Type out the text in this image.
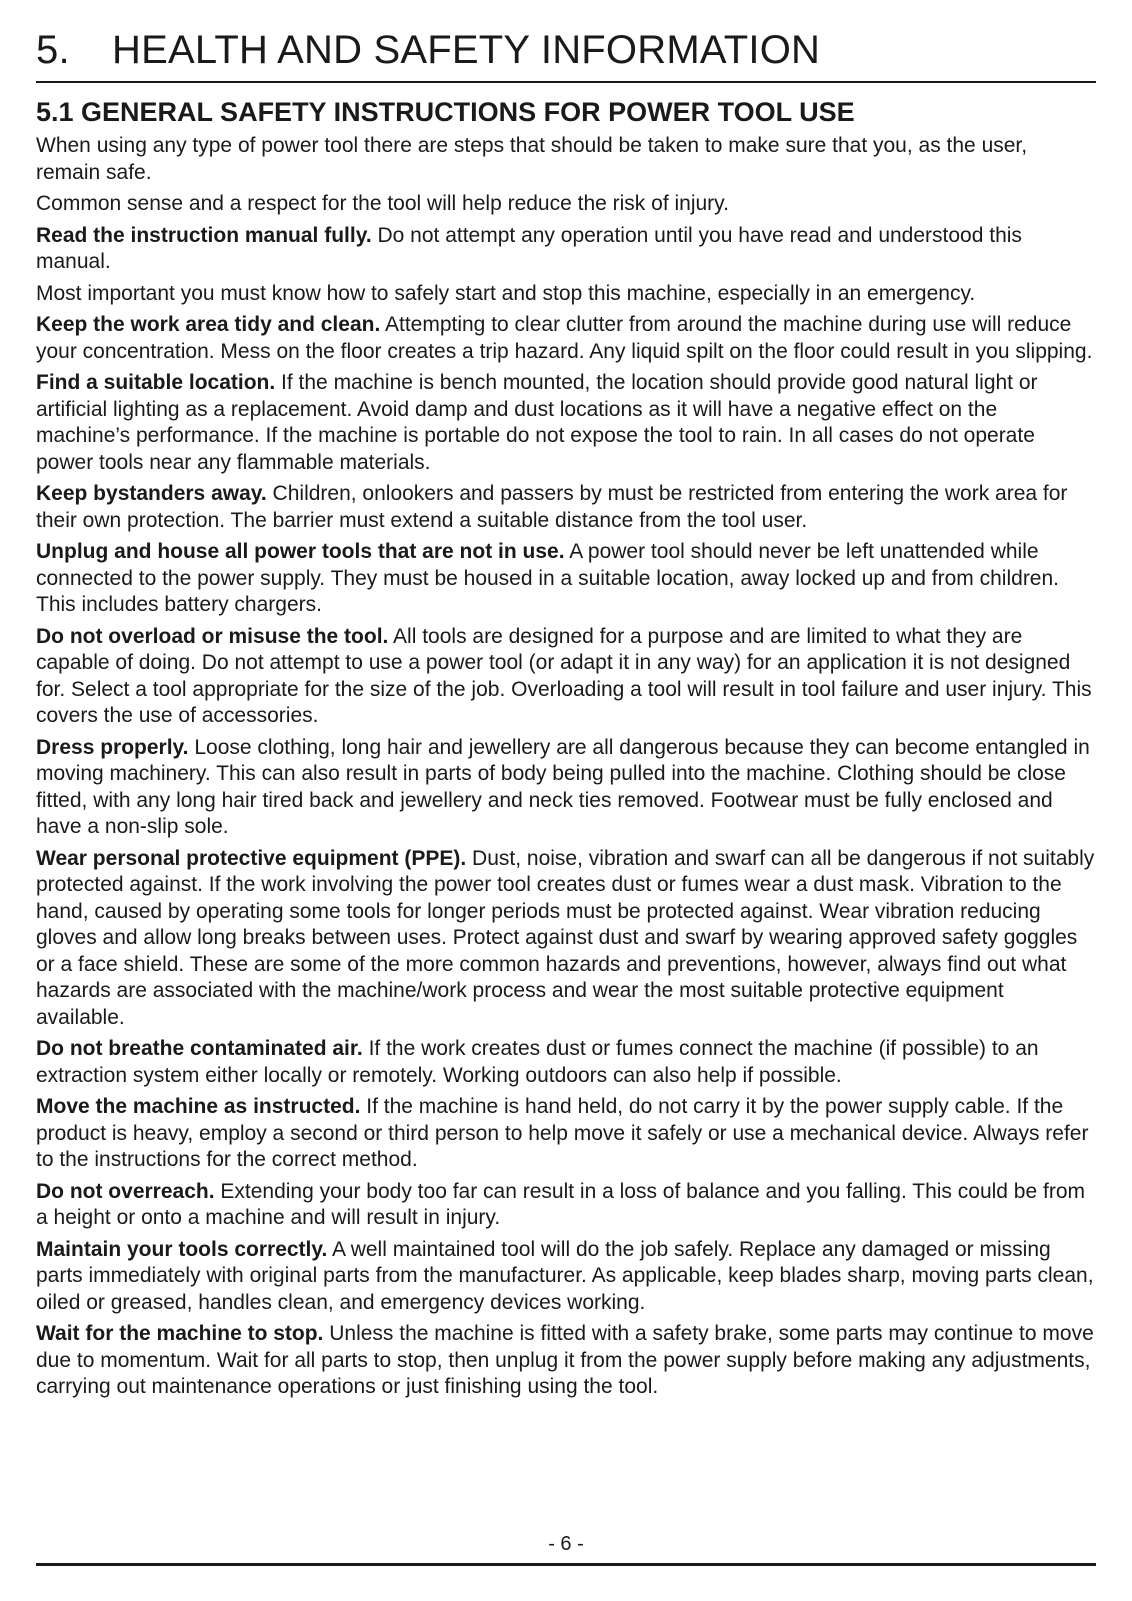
5. HEALTH AND SAFETY INFORMATION
5.1 GENERAL SAFETY INSTRUCTIONS FOR POWER TOOL USE

When using any type of power tool there are steps that should be taken to make sure that you, as the user, remain safe.

Common sense and a respect for the tool will help reduce the risk of injury.

Read the instruction manual fully. Do not attempt any operation until you have read and understood this manual.

Most important you must know how to safely start and stop this machine, especially in an emergency.

Keep the work area tidy and clean. Attempting to clear clutter from around the machine during use will reduce your concentration. Mess on the floor creates a trip hazard. Any liquid spilt on the floor could result in you slipping.

Find a suitable location. If the machine is bench mounted, the location should provide good natural light or artificial lighting as a replacement. Avoid damp and dust locations as it will have a negative effect on the machine’s performance. If the machine is portable do not expose the tool to rain. In all cases do not operate power tools near any flammable materials.

Keep bystanders away. Children, onlookers and passers by must be restricted from entering the work area for their own protection. The barrier must extend a suitable distance from the tool user.

Unplug and house all power tools that are not in use. A power tool should never be left unattended while connected to the power supply. They must be housed in a suitable location, away locked up and from children. This includes battery chargers.

Do not overload or misuse the tool. All tools are designed for a purpose and are limited to what they are capable of doing. Do not attempt to use a power tool (or adapt it in any way) for an application it is not designed for. Select a tool appropriate for the size of the job. Overloading a tool will result in tool failure and user injury. This covers the use of accessories.

Dress properly. Loose clothing, long hair and jewellery are all dangerous because they can become entangled in moving machinery. This can also result in parts of body being pulled into the machine. Clothing should be close fitted, with any long hair tired back and jewellery and neck ties removed. Footwear must be fully enclosed and have a non-slip sole.

Wear personal protective equipment (PPE). Dust, noise, vibration and swarf can all be dangerous if not suitably protected against. If the work involving the power tool creates dust or fumes wear a dust mask. Vibration to the hand, caused by operating some tools for longer periods must be protected against. Wear vibration reducing gloves and allow long breaks between uses. Protect against dust and swarf by wearing approved safety goggles or a face shield. These are some of the more common hazards and preventions, however, always find out what hazards are associated with the machine/work process and wear the most suitable protective equipment available.

Do not breathe contaminated air. If the work creates dust or fumes connect the machine (if possible) to an extraction system either locally or remotely. Working outdoors can also help if possible.

Move the machine as instructed. If the machine is hand held, do not carry it by the power supply cable. If the product is heavy, employ a second or third person to help move it safely or use a mechanical device. Always refer to the instructions for the correct method.

Do not overreach. Extending your body too far can result in a loss of balance and you falling. This could be from a height or onto a machine and will result in injury.

Maintain your tools correctly. A well maintained tool will do the job safely. Replace any damaged or missing parts immediately with original parts from the manufacturer. As applicable, keep blades sharp, moving parts clean, oiled or greased, handles clean, and emergency devices working.

Wait for the machine to stop. Unless the machine is fitted with a safety brake, some parts may continue to move due to momentum. Wait for all parts to stop, then unplug it from the power supply before making any adjustments, carrying out maintenance operations or just finishing using the tool.

- 6 -
